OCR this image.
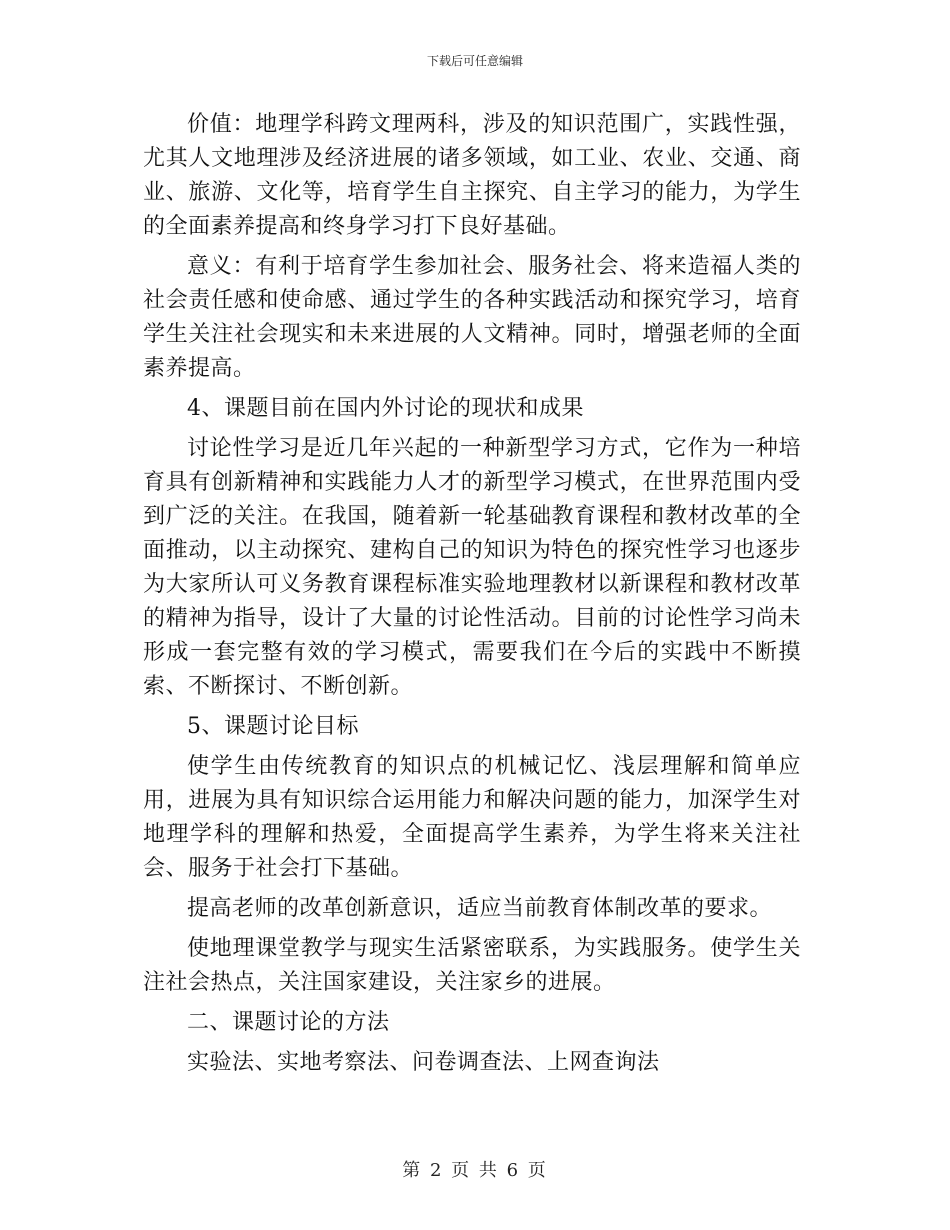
下载后可任意编辑

价值：地理学科跨文理两科，涉及的知识范围广，实践性强，尤其人文地理涉及经济进展的诸多领域，如工业、农业、交通、商业、旅游、文化等，培育学生自主探究、自主学习的能力，为学生的全面素养提高和终身学习打下良好基础。

意义：有利于培育学生参加社会、服务社会、将来造福人类的社会责任感和使命感、通过学生的各种实践活动和探究学习，培育学生关注社会现实和未来进展的人文精神。同时，增强老师的全面素养提高。

4、课题目前在国内外讨论的现状和成果

讨论性学习是近几年兴起的一种新型学习方式，它作为一种培育具有创新精神和实践能力人才的新型学习模式，在世界范围内受到广泛的关注。在我国，随着新一轮基础教育课程和教材改革的全面推动，以主动探究、建构自己的知识为特色的探究性学习也逐步为大家所认可义务教育课程标准实验地理教材以新课程和教材改革的精神为指导，设计了大量的讨论性活动。目前的讨论性学习尚未形成一套完整有效的学习模式，需要我们在今后的实践中不断摸索、不断探讨、不断创新。

5、课题讨论目标

使学生由传统教育的知识点的机械记忆、浅层理解和简单应用，进展为具有知识综合运用能力和解决问题的能力，加深学生对地理学科的理解和热爱，全面提高学生素养，为学生将来关注社会、服务于社会打下基础。

提高老师的改革创新意识，适应当前教育体制改革的要求。

使地理课堂教学与现实生活紧密联系，为实践服务。使学生关注社会热点，关注国家建设，关注家乡的进展。

二、课题讨论的方法

实验法、实地考察法、问卷调查法、上网查询法

第 2 页 共 6 页
